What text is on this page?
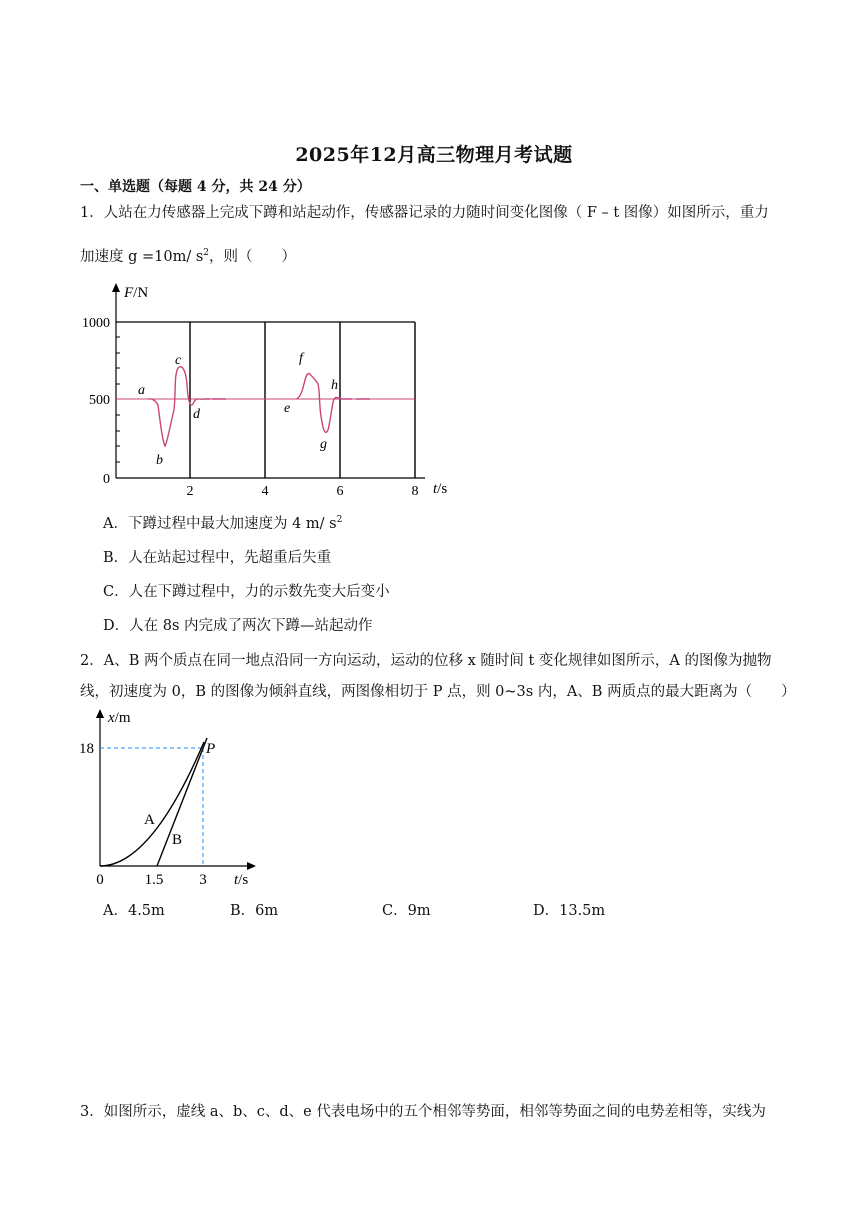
2025年12月高三物理月考试题
一、单选题（每题 4 分，共 24 分）
1．人站在力传感器上完成下蹲和站起动作，传感器记录的力随时间变化图像（ F – t 图像）如图所示，重力
加速度 g =10m/ $s^2$，则（　　）
F/N
t/s
1000
500
0
2	4	6	8
a
b
c
d	e
f
g
h
A．下蹲过程中最大加速度为 4 m/ $s^2$
B．人在站起过程中，先超重后失重
C．人在下蹲过程中，力的示数先变大后变小
D．人在 8s 内完成了两次下蹲—站起动作
2．A、B 两个质点在同一地点沿同一方向运动，运动的位移 x 随时间 t 变化规律如图所示，A 的图像为抛物
线，初速度为 0，B 的图像为倾斜直线，两图像相切于 P 点，则 0~3s 内，A、B 两质点的最大距离为（　　）
x/m
t/s
18
0	1.5 3
A
B
P
A．4.5m	B．6m	C．9m	D．13.5m
3．如图所示，虚线 a、b、c、d、e 代表电场中的五个相邻等势面，相邻等势面之间的电势差相等，实线为
